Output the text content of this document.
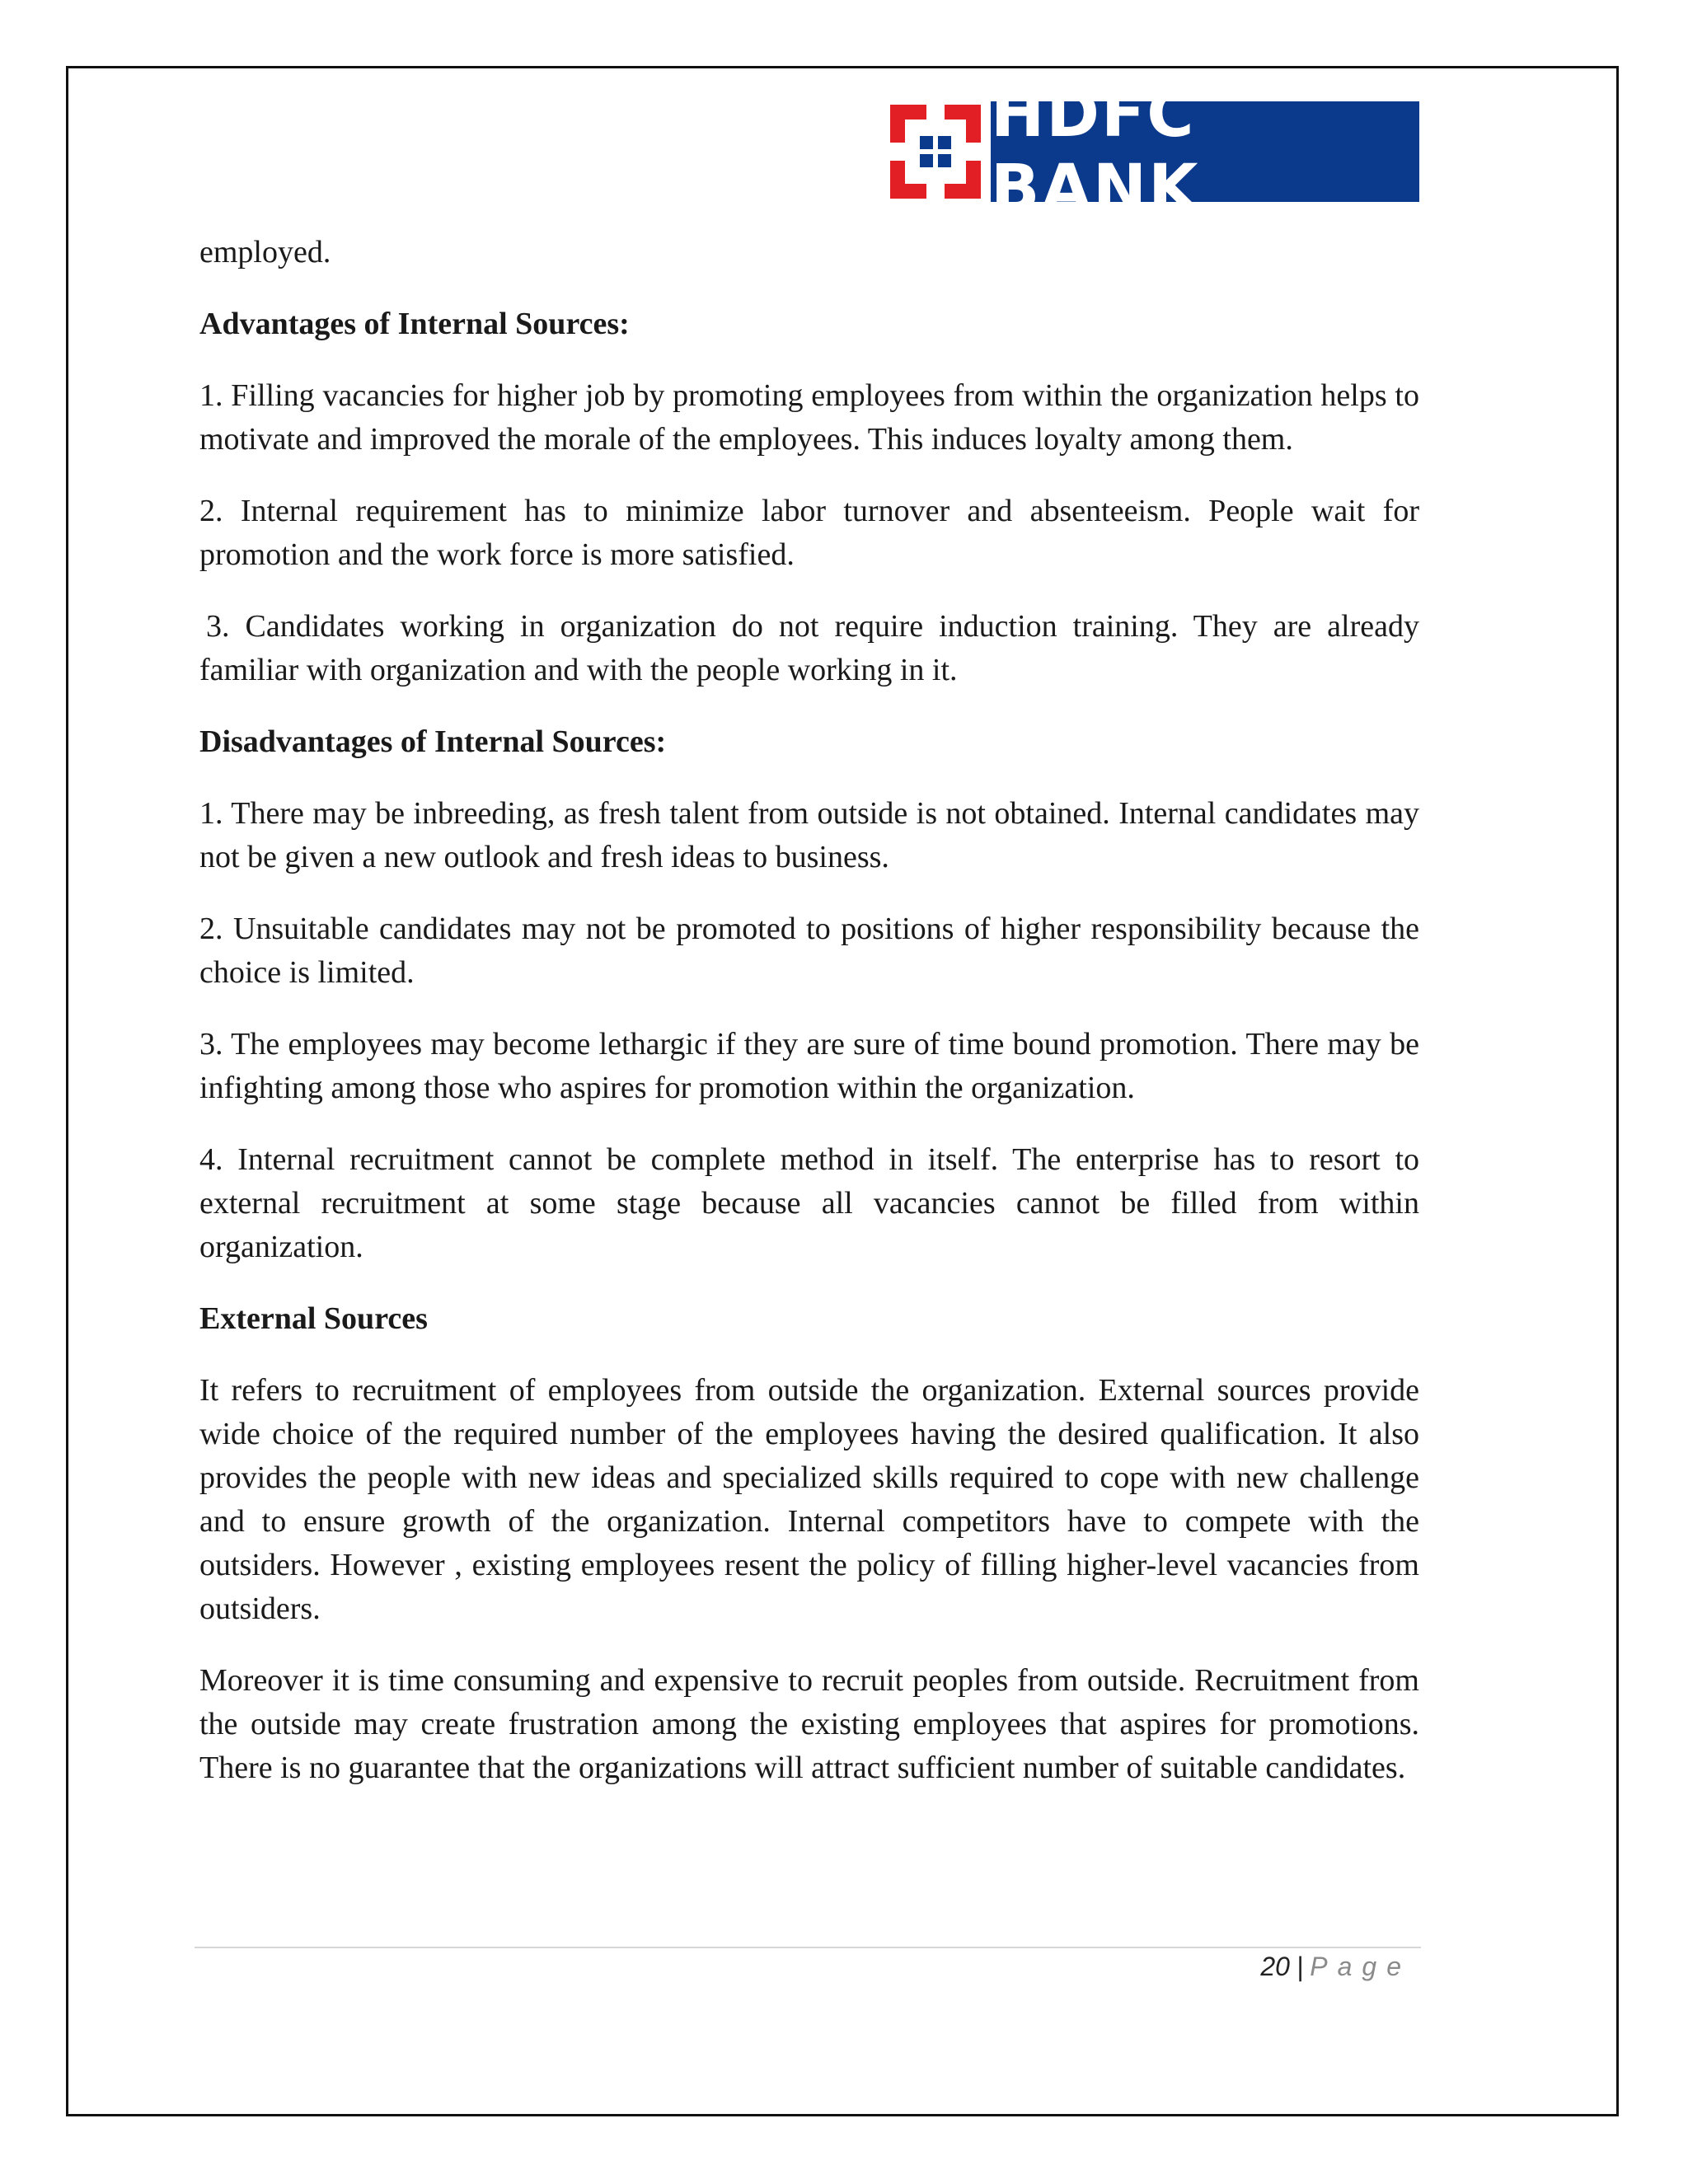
HDFC BANK

employed.

Advantages of Internal Sources:

1. Filling vacancies for higher job by promoting employees from within the organization helps to motivate and improved the morale of the employees. This induces loyalty among them.

2. Internal requirement has to minimize labor turnover and absenteeism. People wait for promotion and the work force is more satisfied.

3. Candidates working in organization do not require induction training. They are already familiar with organization and with the people working in it.

Disadvantages of Internal Sources:

1. There may be inbreeding, as fresh talent from outside is not obtained. Internal candidates may not be given a new outlook and fresh ideas to business.

2. Unsuitable candidates may not be promoted to positions of higher responsibility because the choice is limited.

3. The employees may become lethargic if they are sure of time bound promotion. There may be infighting among those who aspires for promotion within the organization.

4. Internal recruitment cannot be complete method in itself. The enterprise has to resort to external recruitment at some stage because all vacancies cannot be filled from within organization.

External Sources

It refers to recruitment of employees from outside the organization. External sources provide wide choice of the required number of the employees having the desired qualification. It also provides the people with new ideas and specialized skills required to cope with new challenge and to ensure growth of the organization. Internal competitors have to compete with the outsiders. However , existing employees resent the policy of filling higher-level vacancies from outsiders.

Moreover it is time consuming and expensive to recruit peoples from outside. Recruitment from the outside may create frustration among the existing employees that aspires for promotions. There is no guarantee that the organizations will attract sufficient number of suitable candidates.

20 | Page
